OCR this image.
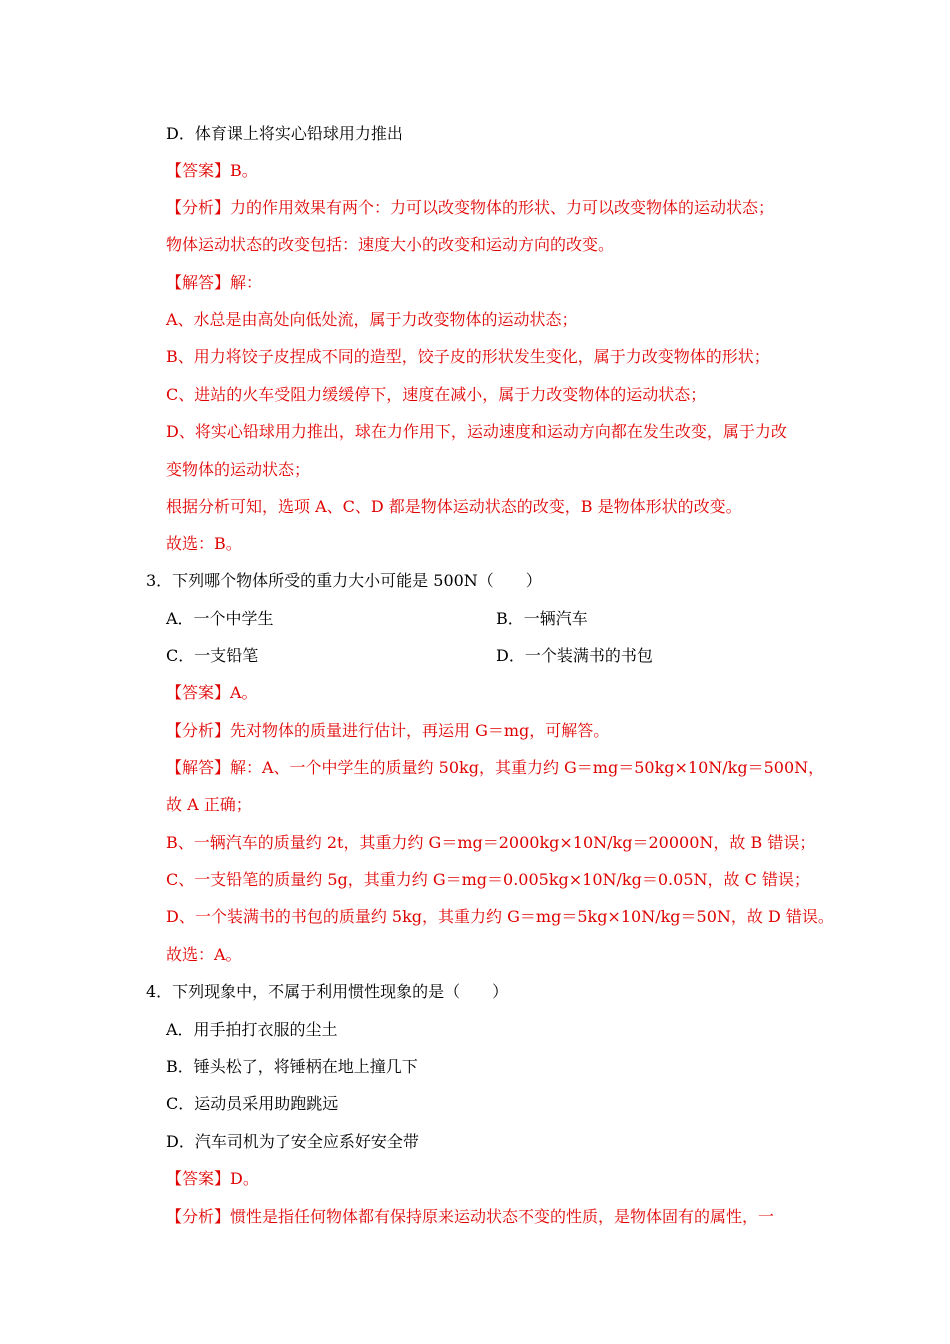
D．体育课上将实心铅球用力推出
【答案】B。
【分析】力的作用效果有两个：力可以改变物体的形状、力可以改变物体的运动状态；
物体运动状态的改变包括：速度大小的改变和运动方向的改变。
【解答】解：
A、水总是由高处向低处流，属于力改变物体的运动状态；
B、用力将饺子皮捏成不同的造型，饺子皮的形状发生变化，属于力改变物体的形状；
C、进站的火车受阻力缓缓停下，速度在减小，属于力改变物体的运动状态；
D、将实心铅球用力推出，球在力作用下，运动速度和运动方向都在发生改变，属于力改
变物体的运动状态；
根据分析可知，选项 A、C、D 都是物体运动状态的改变，B 是物体形状的改变。
故选：B。
3．下列哪个物体所受的重力大小可能是 500N（　　）
A．一个中学生	B．一辆汽车
C．一支铅笔	D．一个装满书的书包
【答案】A。
【分析】先对物体的质量进行估计，再运用 G＝mg，可解答。
【解答】解：A、一个中学生的质量约 50kg，其重力约 G＝mg＝50kg×10N/kg＝500N，
故 A 正确；
B、一辆汽车的质量约 2t，其重力约 G＝mg＝2000kg×10N/kg＝20000N，故 B 错误；
C、一支铅笔的质量约 5g，其重力约 G＝mg＝0.005kg×10N/kg＝0.05N，故 C 错误；
D、一个装满书的书包的质量约 5kg，其重力约 G＝mg＝5kg×10N/kg＝50N，故 D 错误。
故选：A。
4．下列现象中，不属于利用惯性现象的是（　　）
A．用手拍打衣服的尘土
B．锤头松了，将锤柄在地上撞几下
C．运动员采用助跑跳远
D．汽车司机为了安全应系好安全带
【答案】D。
【分析】惯性是指任何物体都有保持原来运动状态不变的性质，是物体固有的属性，一
